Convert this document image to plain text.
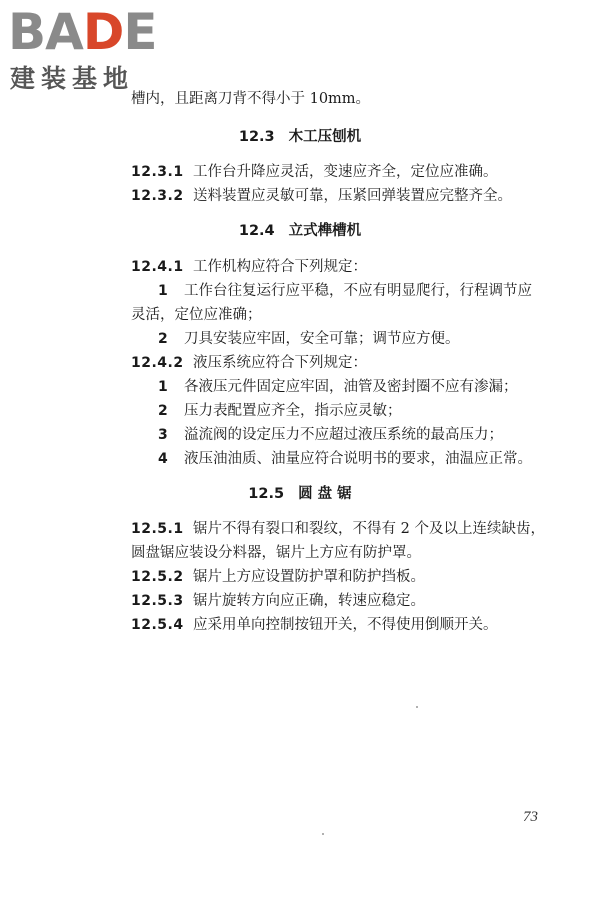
BADE
建装基地
槽内，且距离刀背不得小于 10mm。
12.3 木工压刨机
12.3.1 工作台升降应灵活，变速应齐全，定位应准确。
12.3.2 送料装置应灵敏可靠，压紧回弹装置应完整齐全。
12.4 立式榫槽机
12.4.1 工作机构应符合下列规定：
1 工作台往复运行应平稳，不应有明显爬行，行程调节应
灵活，定位应准确；
2 刀具安装应牢固，安全可靠；调节应方便。
12.4.2 液压系统应符合下列规定：
1 各液压元件固定应牢固，油管及密封圈不应有渗漏；
2 压力表配置应齐全，指示应灵敏；
3 溢流阀的设定压力不应超过液压系统的最高压力；
4 液压油油质、油量应符合说明书的要求，油温应正常。
12.5 圆 盘 锯
12.5.1 锯片不得有裂口和裂纹，不得有 2 个及以上连续缺齿，
圆盘锯应装设分料器，锯片上方应有防护罩。
12.5.2 锯片上方应设置防护罩和防护挡板。
12.5.3 锯片旋转方向应正确，转速应稳定。
12.5.4 应采用单向控制按钮开关，不得使用倒顺开关。
73
